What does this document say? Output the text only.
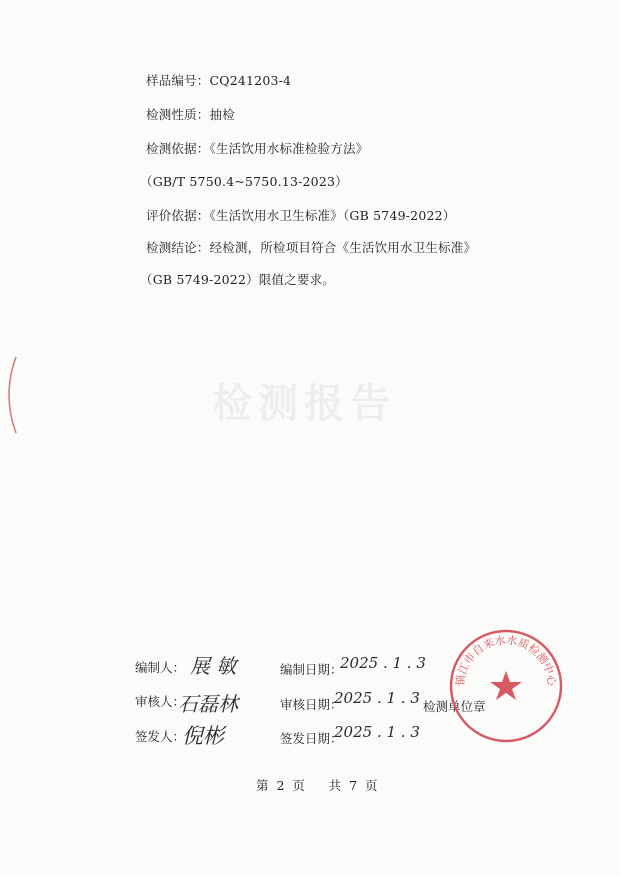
检测报告
样品编号：CQ241203-4
检测性质：抽检
检测依据：《生活饮用水标准检验方法》
（GB/T 5750.4~5750.13-2023）
评价依据：《生活饮用水卫生标准》（GB 5749-2022）
检测结论：经检测，所检项目符合《生活饮用水卫生标准》
（GB 5749-2022）限值之要求。
编制人： 展 敏	编制日期：
2025 . 1 . 3
审核人：
石磊林	审核日期：
2025 . 1 . 3 检测单位章
签发人：
倪彬	签发日期：
2025 . 1 . 3
镇江市自来水水质检测中心
第  2  页      共  7  页
